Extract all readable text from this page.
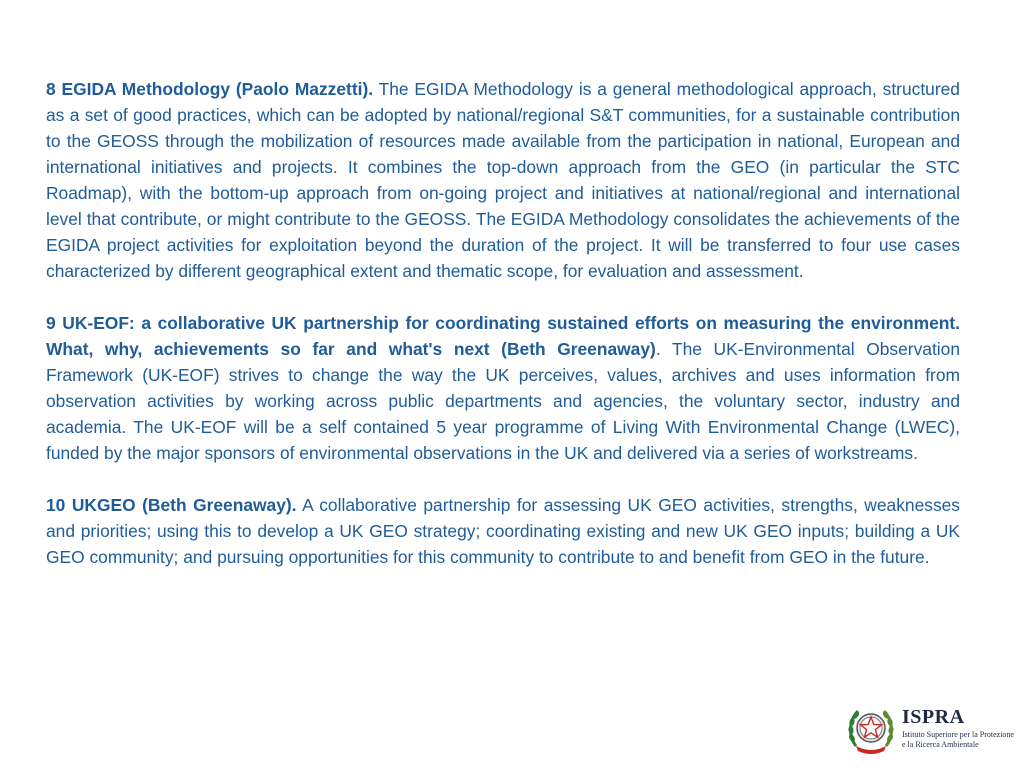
8 EGIDA Methodology (Paolo Mazzetti). The EGIDA Methodology is a general methodological approach, structured as a set of good practices, which can be adopted by national/regional S&T communities, for a sustainable contribution to the GEOSS through the mobilization of resources made available from the participation in national, European and international initiatives and projects. It combines the top-down approach from the GEO (in particular the STC Roadmap), with the bottom-up approach from on-going project and initiatives at national/regional and international level that contribute, or might contribute to the GEOSS. The EGIDA Methodology consolidates the achievements of the EGIDA project activities for exploitation beyond the duration of the project. It will be transferred to four use cases characterized by different geographical extent and thematic scope, for evaluation and assessment.

9 UK-EOF: a collaborative UK partnership for coordinating sustained efforts on measuring the environment. What, why, achievements so far and what's next (Beth Greenaway). The UK-Environmental Observation Framework (UK-EOF) strives to change the way the UK perceives, values, archives and uses information from observation activities by working across public departments and agencies, the voluntary sector, industry and academia. The UK-EOF will be a self contained 5 year programme of Living With Environmental Change (LWEC), funded by the major sponsors of environmental observations in the UK and delivered via a series of workstreams.

10 UKGEO (Beth Greenaway). A collaborative partnership for assessing UK GEO activities, strengths, weaknesses and priorities; using this to develop a UK GEO strategy; coordinating existing and new UK GEO inputs; building a UK GEO community; and pursuing opportunities for this community to contribute to and benefit from GEO in the future.

ISPRA
Istituto Superiore per la Protezione
e la Ricerca Ambientale
